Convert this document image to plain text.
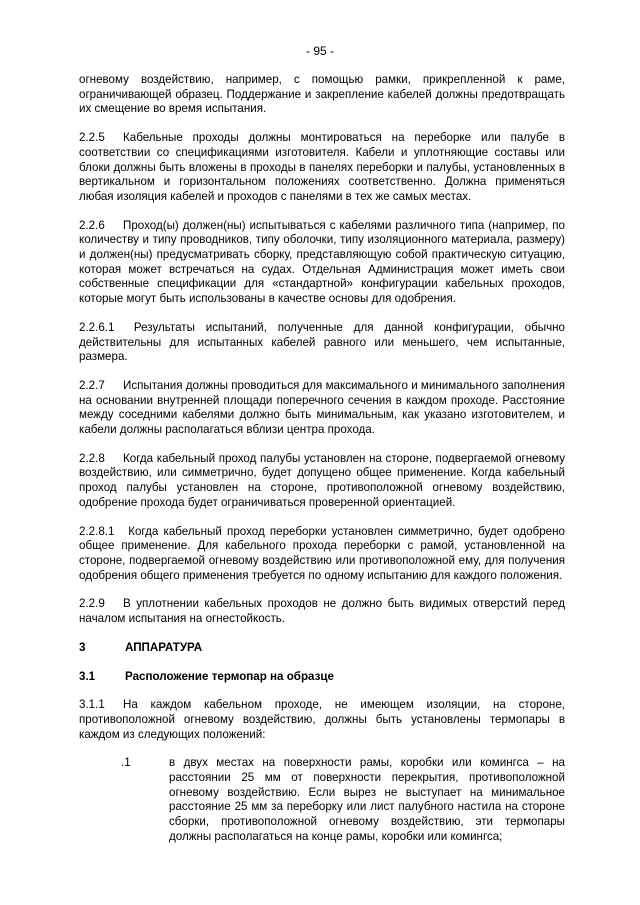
- 95 -

огневому воздействию, например, с помощью рамки, прикрепленной к раме, ограничивающей образец. Поддержание и закрепление кабелей должны предотвращать их смещение во время испытания.

2.2.5 Кабельные проходы должны монтироваться на переборке или палубе в соответствии со спецификациями изготовителя. Кабели и уплотняющие составы или блоки должны быть вложены в проходы в панелях переборки и палубы, установленных в вертикальном и горизонтальном положениях соответственно. Должна применяться любая изоляция кабелей и проходов с панелями в тех же самых местах.

2.2.6 Проход(ы) должен(ны) испытываться с кабелями различного типа (например, по количеству и типу проводников, типу оболочки, типу изоляционного материала, размеру) и должен(ны) предусматривать сборку, представляющую собой практическую ситуацию, которая может встречаться на судах. Отдельная Администрация может иметь свои собственные спецификации для «стандартной» конфигурации кабельных проходов, которые могут быть использованы в качестве основы для одобрения.

2.2.6.1 Результаты испытаний, полученные для данной конфигурации, обычно действительны для испытанных кабелей равного или меньшего, чем испытанные, размера.

2.2.7 Испытания должны проводиться для максимального и минимального заполнения на основании внутренней площади поперечного сечения в каждом проходе. Расстояние между соседними кабелями должно быть минимальным, как указано изготовителем, и кабели должны располагаться вблизи центра прохода.

2.2.8 Когда кабельный проход палубы установлен на стороне, подвергаемой огневому воздействию, или симметрично, будет допущено общее применение. Когда кабельный проход палубы установлен на стороне, противоположной огневому воздействию, одобрение прохода будет ограничиваться проверенной ориентацией.

2.2.8.1 Когда кабельный проход переборки установлен симметрично, будет одобрено общее применение. Для кабельного прохода переборки с рамой, установленной на стороне, подвергаемой огневому воздействию или противоположной ему, для получения одобрения общего применения требуется по одному испытанию для каждого положения.

2.2.9 В уплотнении кабельных проходов не должно быть видимых отверстий перед началом испытания на огнестойкость.

3	АППАРАТУРА
3.1	Расположение термопар на образце

3.1.1 На каждом кабельном проходе, не имеющем изоляции, на стороне, противоположной огневому воздействию, должны быть установлены термопары в каждом из следующих положений:

.1	в двух местах на поверхности рамы, коробки или комингса – на расстоянии 25 мм от поверхности перекрытия, противоположной огневому воздействию. Если вырез не выступает на минимальное расстояние 25 мм за переборку или лист палубного настила на стороне сборки, противоположной огневому воздействию, эти термопары должны располагаться на конце рамы, коробки или комингса;
